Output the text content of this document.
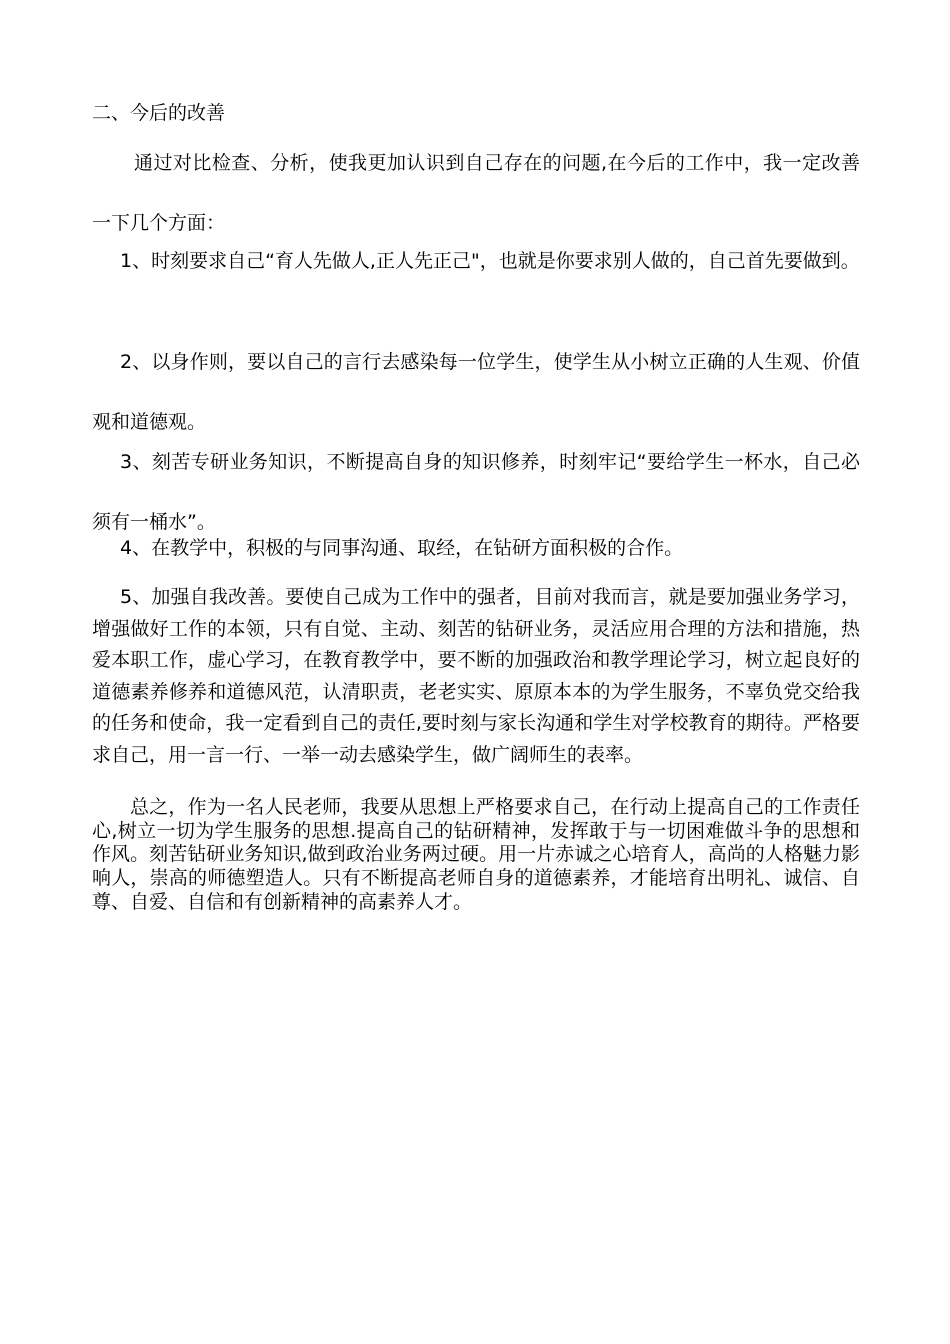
二、今后的改善

通过对比检查、分析，使我更加认识到自己存在的问题,在今后的工作中，我一定改善一下几个方面：

1、时刻要求自己“育人先做人,正人先正己"，也就是你要求别人做的，自己首先要做到。

2、以身作则，要以自己的言行去感染每一位学生，使学生从小树立正确的人生观、价值观和道德观。

3、刻苦专研业务知识，不断提高自身的知识修养，时刻牢记“要给学生一杯水，自己必须有一桶水”。

4、在教学中，积极的与同事沟通、取经，在钻研方面积极的合作。

5、加强自我改善。要使自己成为工作中的强者，目前对我而言，就是要加强业务学习，增强做好工作的本领，只有自觉、主动、刻苦的钻研业务，灵活应用合理的方法和措施，热爱本职工作，虚心学习，在教育教学中，要不断的加强政治和教学理论学习，树立起良好的道德素养修养和道德风范，认清职责，老老实实、原原本本的为学生服务，不辜负党交给我的任务和使命，我一定看到自己的责任,要时刻与家长沟通和学生对学校教育的期待。严格要求自己，用一言一行、一举一动去感染学生，做广阔师生的表率。

总之，作为一名人民老师，我要从思想上严格要求自己，在行动上提高自己的工作责任心,树立一切为学生服务的思想.提高自己的钻研精神，发挥敢于与一切困难做斗争的思想和作风。刻苦钻研业务知识,做到政治业务两过硬。用一片赤诚之心培育人，高尚的人格魅力影响人，崇高的师德塑造人。只有不断提高老师自身的道德素养，才能培育出明礼、诚信、自尊、自爱、自信和有创新精神的高素养人才。
